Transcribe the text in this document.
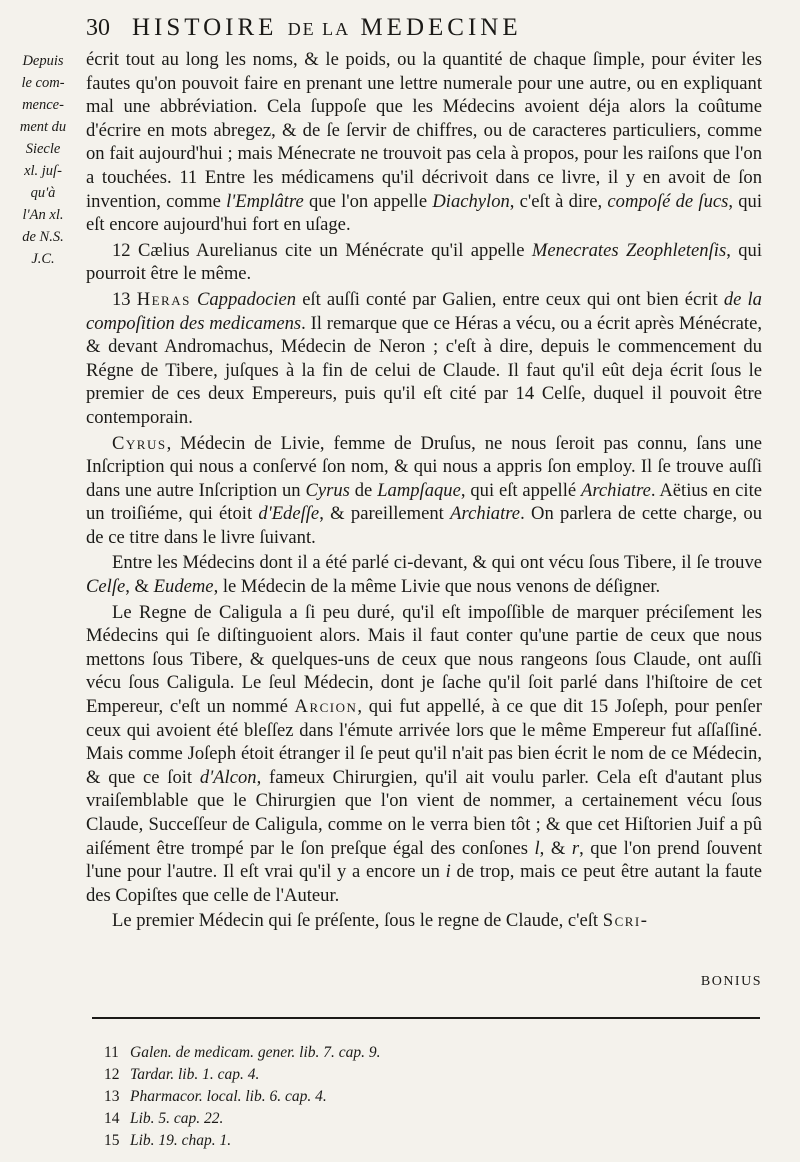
30 HISTOIRE DE LA MEDECINE
Depuis
le com-
mence-
ment du
Siecle
xl. juſ-
qu'à
l'An xl.
de N.S.
J.C.

écrit tout au long les noms, & le poids, ou la quantité de chaque ſimple, pour éviter les fautes qu'on pouvoit faire en prenant une lettre numerale pour une autre, ou en expliquant mal une abbréviation. Cela ſuppoſe que les Médecins avoient déja alors la coûtume d'écrire en mots abregez, & de ſe ſervir de chiffres, ou de caracteres particuliers, comme on fait aujourd'hui ; mais Ménecrate ne trouvoit pas cela à propos, pour les raiſons que l'on a touchées. 11 Entre les médicamens qu'il décrivoit dans ce livre, il y en avoit de ſon invention, comme l'Emplâtre que l'on appelle Diachylon, c'eſt à dire, compoſé de ſucs, qui eſt encore aujourd'hui fort en uſage.

12 Cælius Aurelianus cite un Ménécrate qu'il appelle Menecrates Zeophletenſis, qui pourroit être le même.

13 Heras Cappadocien eſt auſſi conté par Galien, entre ceux qui ont bien écrit de la compoſition des medicamens. Il remarque que ce Héras a vécu, ou a écrit après Ménécrate, & devant Andromachus, Médecin de Neron ; c'eſt à dire, depuis le commencement du Régne de Tibere, juſques à la fin de celui de Claude. Il faut qu'il eût deja écrit ſous le premier de ces deux Empereurs, puis qu'il eſt cité par 14 Celſe, duquel il pouvoit être contemporain.

Cyrus, Médecin de Livie, femme de Druſus, ne nous ſeroit pas connu, ſans une Inſcription qui nous a conſervé ſon nom, & qui nous a appris ſon employ. Il ſe trouve auſſi dans une autre Inſcription un Cyrus de Lampſaque, qui eſt appellé Archiatre. Aëtius en cite un troiſiéme, qui étoit d'Edeſſe, & pareillement Archiatre. On parlera de cette charge, ou de ce titre dans le livre ſuivant.

Entre les Médecins dont il a été parlé ci-devant, & qui ont vécu ſous Tibere, il ſe trouve Celſe, & Eudeme, le Médecin de la même Livie que nous venons de déſigner.

Le Regne de Caligula a ſi peu duré, qu'il eſt impoſſible de marquer préciſement les Médecins qui ſe diſtinguoient alors. Mais il faut conter qu'une partie de ceux que nous mettons ſous Tibere, & quelques-uns de ceux que nous rangeons ſous Claude, ont auſſi vécu ſous Caligula. Le ſeul Médecin, dont je ſache qu'il ſoit parlé dans l'hiſtoire de cet Empereur, c'eſt un nommé Arcion, qui fut appellé, à ce que dit 15 Joſeph, pour penſer ceux qui avoient été bleſſez dans l'émute arrivée lors que le même Empereur fut aſſaſſiné. Mais comme Joſeph étoit étranger il ſe peut qu'il n'ait pas bien écrit le nom de ce Médecin, & que ce ſoit d'Alcon, fameux Chirurgien, qu'il ait voulu parler. Cela eſt d'autant plus vraiſemblable que le Chirurgien que l'on vient de nommer, a certainement vécu ſous Claude, Succeſſeur de Caligula, comme on le verra bien tôt ; & que cet Hiſtorien Juif a pû aiſément être trompé par le ſon preſque égal des conſones l, & r, que l'on prend ſouvent l'une pour l'autre. Il eſt vrai qu'il y a encore un i de trop, mais ce peut être autant la faute des Copiſtes que celle de l'Auteur.

Le premier Médecin qui ſe préſente, ſous le regne de Claude, c'eſt Scri-

BONIUS
11 Galen. de medicam. gener. lib. 7. cap. 9.
12 Tardar. lib. 1. cap. 4.
13 Pharmacor. local. lib. 6. cap. 4.
14 Lib. 5. cap. 22.
15 Lib. 19. chap. 1.
